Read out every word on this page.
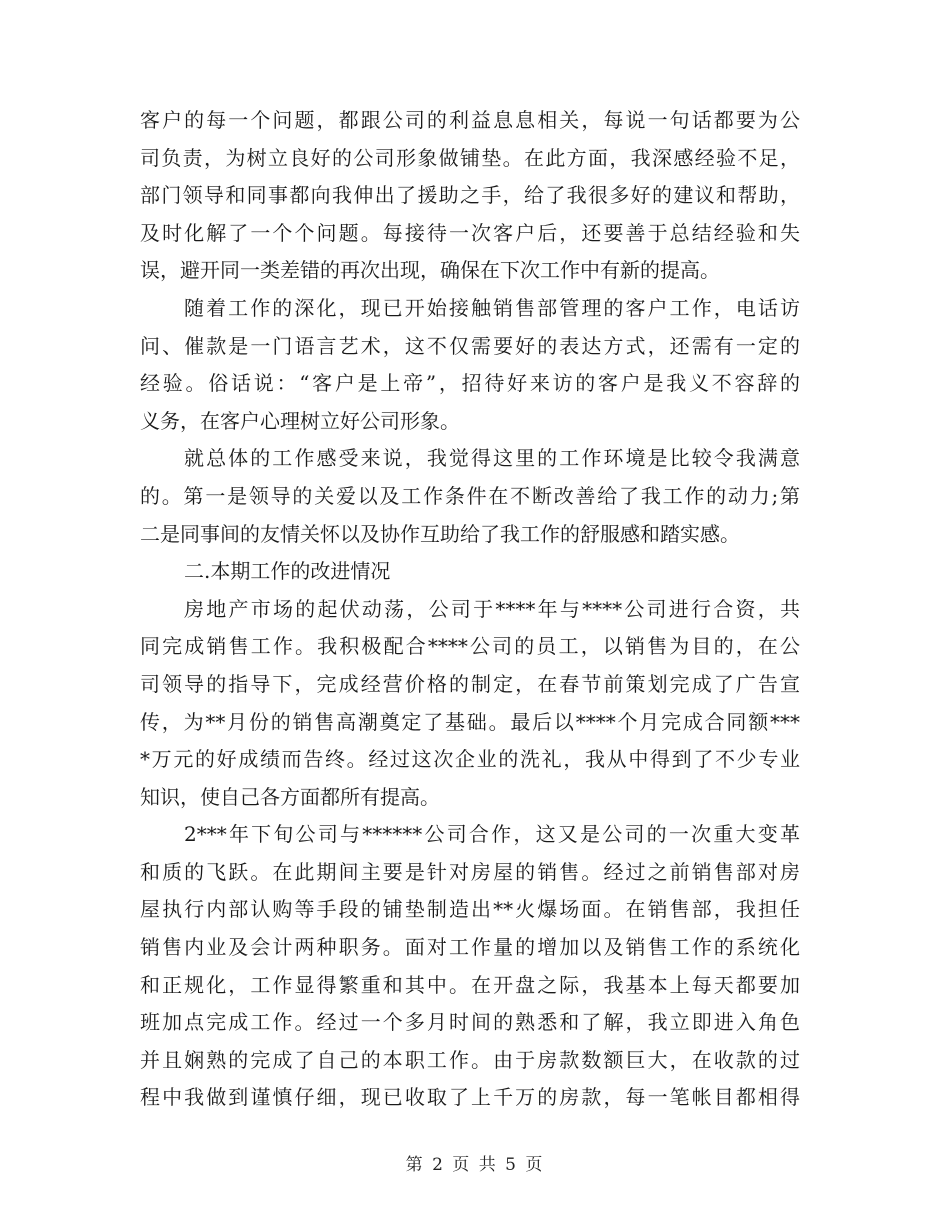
客户的每一个问题，都跟公司的利益息息相关，每说一句话都要为公
司负责，为树立良好的公司形象做铺垫。在此方面，我深感经验不足，
部门领导和同事都向我伸出了援助之手，给了我很多好的建议和帮助，
及时化解了一个个问题。每接待一次客户后，还要善于总结经验和失
误，避开同一类差错的再次出现，确保在下次工作中有新的提高。
随着工作的深化，现已开始接触销售部管理的客户工作，电话访
问、催款是一门语言艺术，这不仅需要好的表达方式，还需有一定的
经验。俗话说：“客户是上帝”，招待好来访的客户是我义不容辞的
义务，在客户心理树立好公司形象。
就总体的工作感受来说，我觉得这里的工作环境是比较令我满意
的。第一是领导的关爱以及工作条件在不断改善给了我工作的动力;第
二是同事间的友情关怀以及协作互助给了我工作的舒服感和踏实感。
二.本期工作的改进情况
房地产市场的起伏动荡，公司于****年与****公司进行合资，共
同完成销售工作。我积极配合****公司的员工，以销售为目的，在公
司领导的指导下，完成经营价格的制定，在春节前策划完成了广告宣
传，为**月份的销售高潮奠定了基础。最后以****个月完成合同额***
*万元的好成绩而告终。经过这次企业的洗礼，我从中得到了不少专业
知识，使自己各方面都所有提高。
2***年下旬公司与******公司合作，这又是公司的一次重大变革
和质的飞跃。在此期间主要是针对房屋的销售。经过之前销售部对房
屋执行内部认购等手段的铺垫制造出**火爆场面。在销售部，我担任
销售内业及会计两种职务。面对工作量的增加以及销售工作的系统化
和正规化，工作显得繁重和其中。在开盘之际，我基本上每天都要加
班加点完成工作。经过一个多月时间的熟悉和了解，我立即进入角色
并且娴熟的完成了自己的本职工作。由于房款数额巨大，在收款的过
程中我做到谨慎仔细，现已收取了上千万的房款，每一笔帐目都相得
第 2 页 共 5 页
